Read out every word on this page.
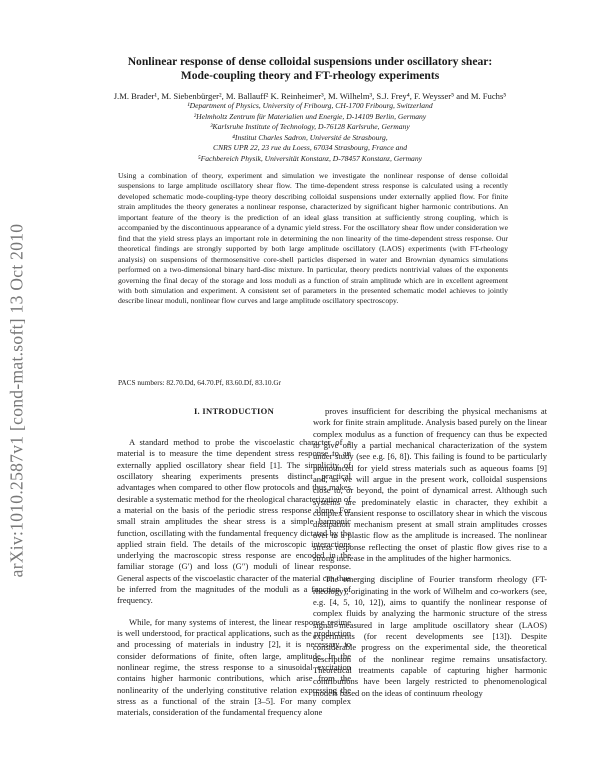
arXiv:1010.2587v1 [cond-mat.soft] 13 Oct 2010
Nonlinear response of dense colloidal suspensions under oscillatory shear:
Mode-coupling theory and FT-rheology experiments
J.M. Brader¹, M. Siebenbürger², M. Ballauff² K. Reinheimer³, M. Wilhelm³, S.J. Frey⁴, F. Weysser⁵ and M. Fuchs⁵
¹Department of Physics, University of Fribourg, CH-1700 Fribourg, Switzerland
²Helmholtz Zentrum für Materialien und Energie, D-14109 Berlin, Germany
³Karlsruhe Institute of Technology, D-76128 Karlsruhe, Germany
⁴Institut Charles Sadron, Université de Strasbourg,
CNRS UPR 22, 23 rue du Loess, 67034 Strasbourg, France and
⁵Fachbereich Physik, Universität Konstanz, D-78457 Konstanz, Germany
Using a combination of theory, experiment and simulation we investigate the nonlinear response of dense colloidal suspensions to large amplitude oscillatory shear flow. The time-dependent stress response is calculated using a recently developed schematic mode-coupling-type theory describing colloidal suspensions under externally applied flow. For finite strain amplitudes the theory generates a nonlinear response, characterized by significant higher harmonic contributions. An important feature of the theory is the prediction of an ideal glass transition at sufficiently strong coupling, which is accompanied by the discontinuous appearance of a dynamic yield stress. For the oscillatory shear flow under consideration we find that the yield stress plays an important role in determining the non linearity of the time-dependent stress response. Our theoretical findings are strongly supported by both large amplitude oscillatory (LAOS) experiments (with FT-rheology analysis) on suspensions of thermosensitive core-shell particles dispersed in water and Brownian dynamics simulations performed on a two-dimensional binary hard-disc mixture. In particular, theory predicts nontrivial values of the exponents governing the final decay of the storage and loss moduli as a function of strain amplitude which are in excellent agreement with both simulation and experiment. A consistent set of parameters in the presented schematic model achieves to jointly describe linear moduli, nonlinear flow curves and large amplitude oscillatory spectroscopy.
PACS numbers: 82.70.Dd, 64.70.Pf, 83.60.Df, 83.10.Gr
I. INTRODUCTION

A standard method to probe the viscoelastic character of a material is to measure the time dependent stress response to an externally applied oscillatory shear field [1]. The simplicity of oscillatory shearing experiments presents distinct practical advantages when compared to other flow protocols and thus makes desirable a systematic method for the rheological characterization of a material on the basis of the periodic stress response alone. For small strain amplitudes the shear stress is a simple harmonic function, oscillating with the fundamental frequency dictated by the applied strain field. The details of the microscopic interactions underlying the macroscopic stress response are encoded in the familiar storage (G′) and loss (G′′) moduli of linear response. General aspects of the viscoelastic character of the material can thus be inferred from the magnitudes of the moduli as a function of frequency.

While, for many systems of interest, the linear response regime is well understood, for practical applications, such as the production and processing of materials in industry [2], it is necessary to consider deformations of finite, often large, amplitude. In the nonlinear regime, the stress response to a sinusoidal excitation contains higher harmonic contributions, which arise from the nonlinearity of the underlying constitutive relation expressing the stress as a functional of the strain [3–5]. For many complex materials, consideration of the fundamental frequency alone

proves insufficient for describing the physical mechanisms at work for finite strain amplitude. Analysis based purely on the linear complex modulus as a function of frequency can thus be expected to give only a partial mechanical characterization of the system under study (see e.g. [6, 8]). This failing is found to be particularly pronounced for yield stress materials such as aqueous foams [9] and, as we will argue in the present work, colloidal suspensions close to, or beyond, the point of dynamical arrest. Although such systems are predominately elastic in character, they exhibit a complex transient response to oscillatory shear in which the viscous dissipation mechanism present at small strain amplitudes crosses over to a plastic flow as the amplitude is increased. The nonlinear stress response reflecting the onset of plastic flow gives rise to a strong increase in the amplitudes of the higher harmonics.

The emerging discipline of Fourier transform rheology (FT-rheology), originating in the work of Wilhelm and co-workers (see, e.g. [4, 5, 10, 12]), aims to quantify the nonlinear response of complex fluids by analyzing the harmonic structure of the stress signal measured in large amplitude oscillatory shear (LAOS) experiments (for recent developments see [13]). Despite considerable progress on the experimental side, the theoretical description of the nonlinear regime remains unsatisfactory. Theoretical treatments capable of capturing higher harmonic contributions have been largely restricted to phenomenological models based on the ideas of continuum rheology
